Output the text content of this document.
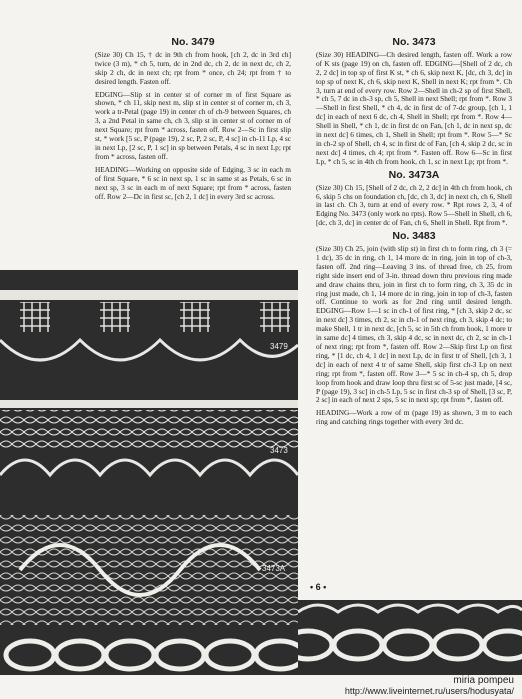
No. 3479

(Size 30) Ch 15, † dc in 9th ch from hook, [ch 2, dc in 3rd ch] twice (3 m), * ch 5, turn, dc in 2nd dc, ch 2, dc in next dc, ch 2, skip 2 ch, dc in next ch; rpt from * once, ch 24; rpt from † to desired length. Fasten off.

EDGING—Slip st in center st of corner m of first Square as shown, * ch 11, skip next m, slip st in center st of corner m, ch 3, work a tr-Petal (page 19) in center ch of ch-9 between Squares, ch 3, a 2nd Petal in same ch, ch 3, slip st in center st of corner m of next Square; rpt from * across, fasten off. Row 2—Sc in first slip st, * work [5 sc, P (page 19), 2 sc, P, 2 sc, P, 4 sc] in ch-11 Lp, 4 sc in next Lp, [2 sc, P, 1 sc] in sp between Petals, 4 sc in next Lp; rpt from * across, fasten off.

HEADING—Working on opposite side of Edging, 3 sc in each m of first Square, * 6 sc in next sp, 1 sc in same st as Petals, 6 sc in next sp, 3 sc in each m of next Square; rpt from * across, fasten off. Row 2—Dc in first sc, [ch 2, 1 dc] in every 3rd sc across.

No. 3473

(Size 30) HEADING—Ch desired length, fasten off. Work a row of K sts (page 19) on ch, fasten off. EDGING—[Shell of 2 dc, ch 2, 2 dc] in top sp of first K st, * ch 6, skip next K, [dc, ch 3, dc] in top sp of next K, ch 6, skip next K, Shell in next K; rpt from *. Ch 3, turn at end of every row. Row 2—Shell in ch-2 sp of first Shell, * ch 5, 7 dc in ch-3 sp, ch 5, Shell in next Shell; rpt from *. Row 3—Shell in first Shell, * ch 4, dc in first dc of 7-dc group, [ch 1, 1 dc] in each of next 6 dc, ch 4, Shell in Shell; rpt from *. Row 4—Shell in Shell, * ch 1, dc in first dc on Fan, [ch 1, dc in next sp, dc in next dc] 6 times, ch 1, Shell in Shell; rpt from *. Row 5—* Sc in ch-2 sp of Shell, ch 4, sc in first dc of Fan, [ch 4, skip 2 dc, sc in next dc] 4 times, ch 4; rpt from *. Fasten off. Row 6—Sc in first Lp, * ch 5, sc in 4th ch from hook, ch 1, sc in next Lp; rpt from *.

No. 3473A

(Size 30) Ch 15, [Shell of 2 dc, ch 2, 2 dc] in 4th ch from hook, ch 6, skip 5 chs on foundation ch, [dc, ch 3, dc] in next ch, ch 6, Shell in last ch. Ch 3, turn at end of every row. * Rpt rows 2, 3, 4 of Edging No. 3473 (only work no rpts). Row 5—Shell in Shell, ch 6, [dc, ch 3, dc] in center dc of Fan, ch 6, Shell in Shell. Rpt from *.

No. 3483

(Size 30) Ch 25, join (with slip st) in first ch to form ring, ch 3 (= 1 dc), 35 dc in ring, ch 1, 14 more dc in ring, join in top of ch-3, fasten off. 2nd ring—Leaving 3 ins. of thread free, ch 25, from right side insert end of 3-in. thread down thru previous ring made and draw chains thru, join in first ch to form ring, ch 3, 35 dc in ring just made, ch 1, 14 more dc in ring, join in top of ch-3, fasten off. Continue to work as for 2nd ring until desired length. EDGING—Row 1—1 sc in ch-1 of first ring, * [ch 3, skip 2 dc, sc in next dc] 3 times, ch 2, sc in ch-1 of next ring, ch 3, skip 4 dc; to make Shell, 1 tr in next dc, [ch 5, sc in 5th ch from hook, 1 more tr in same dc] 4 times, ch 3, skip 4 dc, sc in next dc, ch 2, sc in ch-1 of next ring; rpt from *, fasten off. Row 2—Skip first Lp on first ring, * [1 dc, ch 4, 1 dc] in next Lp, dc in first tr of Shell, [ch 3, 1 dc] in each of next 4 tr of same Shell, skip first ch-3 Lp on next ring; rpt from *, fasten off. Row 3—* 5 sc in ch-4 sp, ch 5, drop loop from hook and draw loop thru first sc of 5-sc just made, [4 sc, P (page 19), 3 sc] in ch-5 Lp, 5 sc in first ch-3 sp of Shell, [3 sc, P, 2 sc] in each of next 2 sps, 5 sc in next sp; rpt from *, fasten off.

HEADING—Work a row of m (page 19) as shown, 3 m to each ring and catching rings together with every 3rd dc.

3479
3473
3473A
• 6 •
miria pompeu
http://www.liveinternet.ru/users/hodusyata/
